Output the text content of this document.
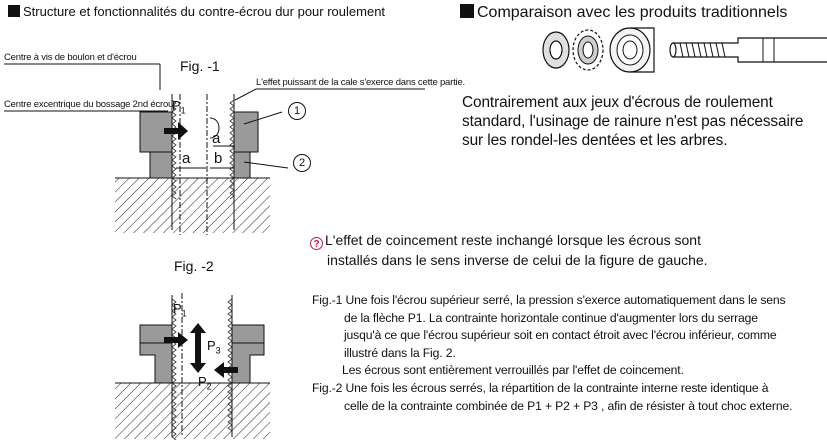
Structure et fonctionnalités du contre-écrou dur pour roulement	Comparaison avec les produits traditionnels
Fig. -1
Centre à vis de boulon et d'écrou
Centre excentrique du bossage 2nd écrou
L'effet puissant de la cale s'exerce dans cette partie.
$P_1$
a
a b
1
2
Fig. -2
$P_1$
$P_3$
$P_2$
Contrairement aux jeux d'écrous de roulement standard, l'usinage de rainure n'est pas nécessaire sur les rondel-les dentées et les arbres.
? L'effet de coincement reste inchangé lorsque les écrous sont
installés dans le sens inverse de celui de la figure de gauche.
Fig.-1 Une fois l'écrou supérieur serré, la pression s'exerce automatiquement dans le sens
de la flèche P1. La contrainte horizontale continue d'augmenter lors du serrage
jusqu'à ce que l'écrou supérieur soit en contact étroit avec l'écrou inférieur, comme
illustré dans la Fig. 2.
Les écrous sont entièrement verrouillés par l'effet de coincement.
Fig.-2 Une fois les écrous serrés, la répartition de la contrainte interne reste identique à
celle de la contrainte combinée de P1 + P2 + P3 , afin de résister à tout choc externe.
